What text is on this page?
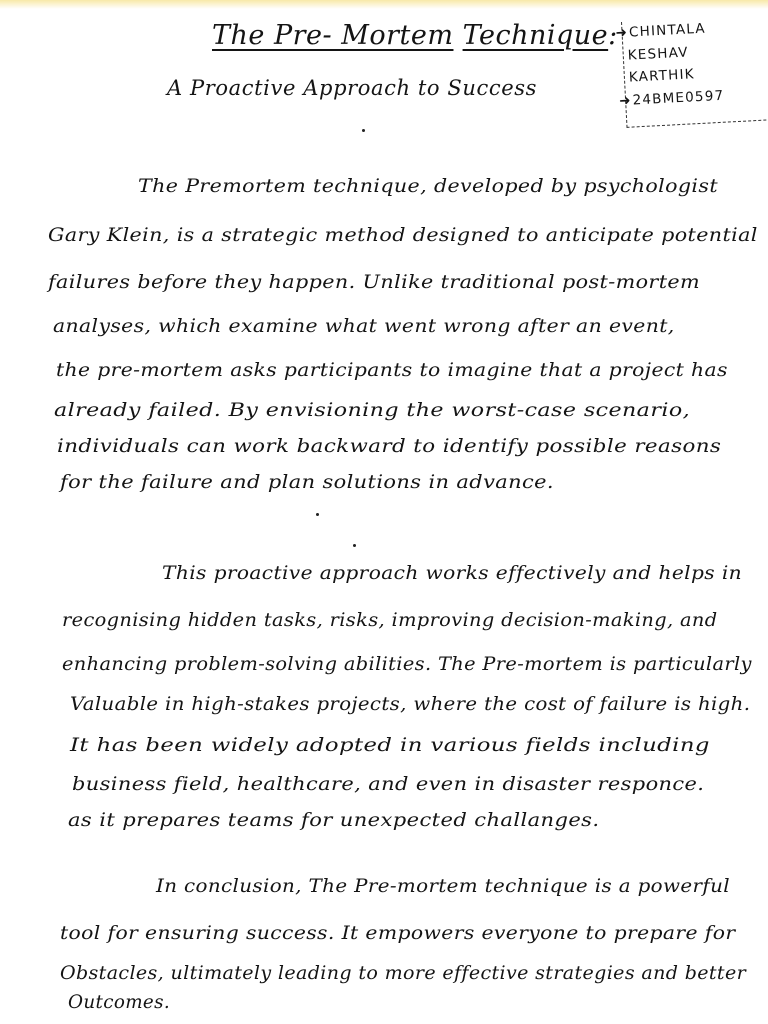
The Pre- Mortem Technique:
A Proactive Approach to Success
➜CHINTALA
KESHAV
KARTHIK
➜24BME0597
The Premortem technique, developed by psychologist
Gary Klein, is a strategic method designed to anticipate potential
failures before they happen. Unlike traditional post-mortem
analyses, which examine what went wrong after an event,
the pre-mortem asks participants to imagine that a project has
already failed. By envisioning the worst-case scenario,
individuals can work backward to identify possible reasons
for the failure and plan solutions in advance.
This proactive approach works effectively and helps in
recognising hidden tasks, risks, improving decision-making, and
enhancing problem-solving abilities. The Pre-mortem is particularly
Valuable in high-stakes projects, where the cost of failure is high.
It has been widely adopted in various fields including
business field, healthcare, and even in disaster responce.
as it prepares teams for unexpected challanges.
In conclusion, The Pre-mortem technique is a powerful
tool for ensuring success. It empowers everyone to prepare for
Obstacles, ultimately leading to more effective strategies and better
Outcomes.
